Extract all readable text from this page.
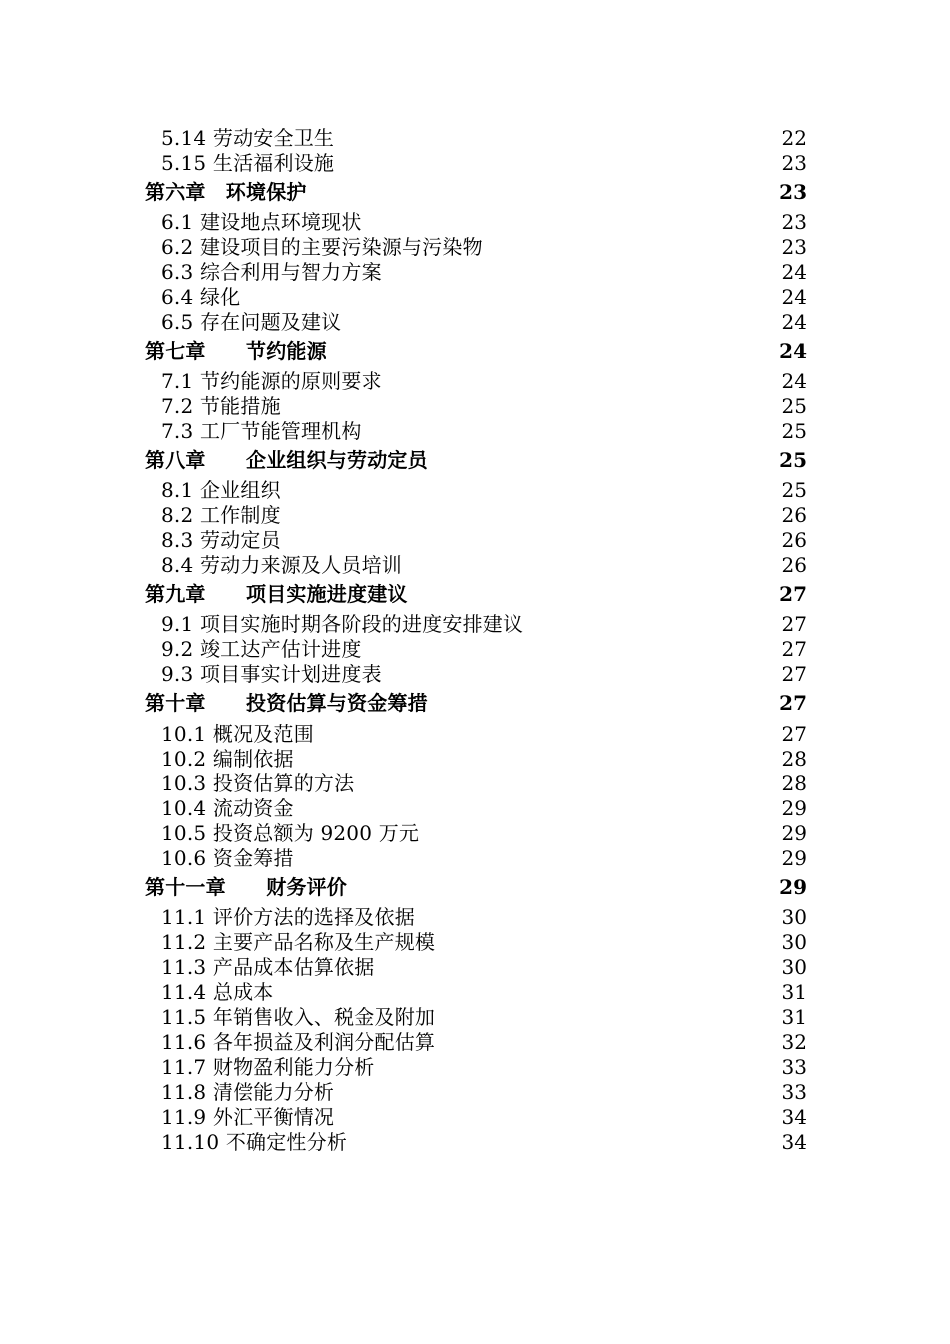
5.14 劳动安全卫生	22
5.15 生活福利设施	23
第六章　环境保护	23
6.1 建设地点环境现状	23
6.2 建设项目的主要污染源与污染物	23
6.3 综合利用与智力方案	24
6.4 绿化	24
6.5 存在问题及建议	24
第七章　　节约能源	24
7.1 节约能源的原则要求	24
7.2 节能措施	25
7.3 工厂节能管理机构	25
第八章　　企业组织与劳动定员	25
8.1 企业组织	25
8.2 工作制度	26
8.3 劳动定员	26
8.4 劳动力来源及人员培训	26
第九章　　项目实施进度建议	27
9.1 项目实施时期各阶段的进度安排建议	27
9.2 竣工达产估计进度	27
9.3 项目事实计划进度表	27
第十章　　投资估算与资金筹措	27
10.1 概况及范围	27
10.2 编制依据	28
10.3 投资估算的方法	28
10.4 流动资金	29
10.5 投资总额为 9200 万元	29
10.6 资金筹措	29
第十一章　　财务评价	29
11.1 评价方法的选择及依据	30
11.2 主要产品名称及生产规模	30
11.3 产品成本估算依据	30
11.4 总成本	31
11.5 年销售收入、税金及附加	31
11.6 各年损益及利润分配估算	32
11.7 财物盈利能力分析	33
11.8 清偿能力分析	33
11.9 外汇平衡情况	34
11.10 不确定性分析	34
